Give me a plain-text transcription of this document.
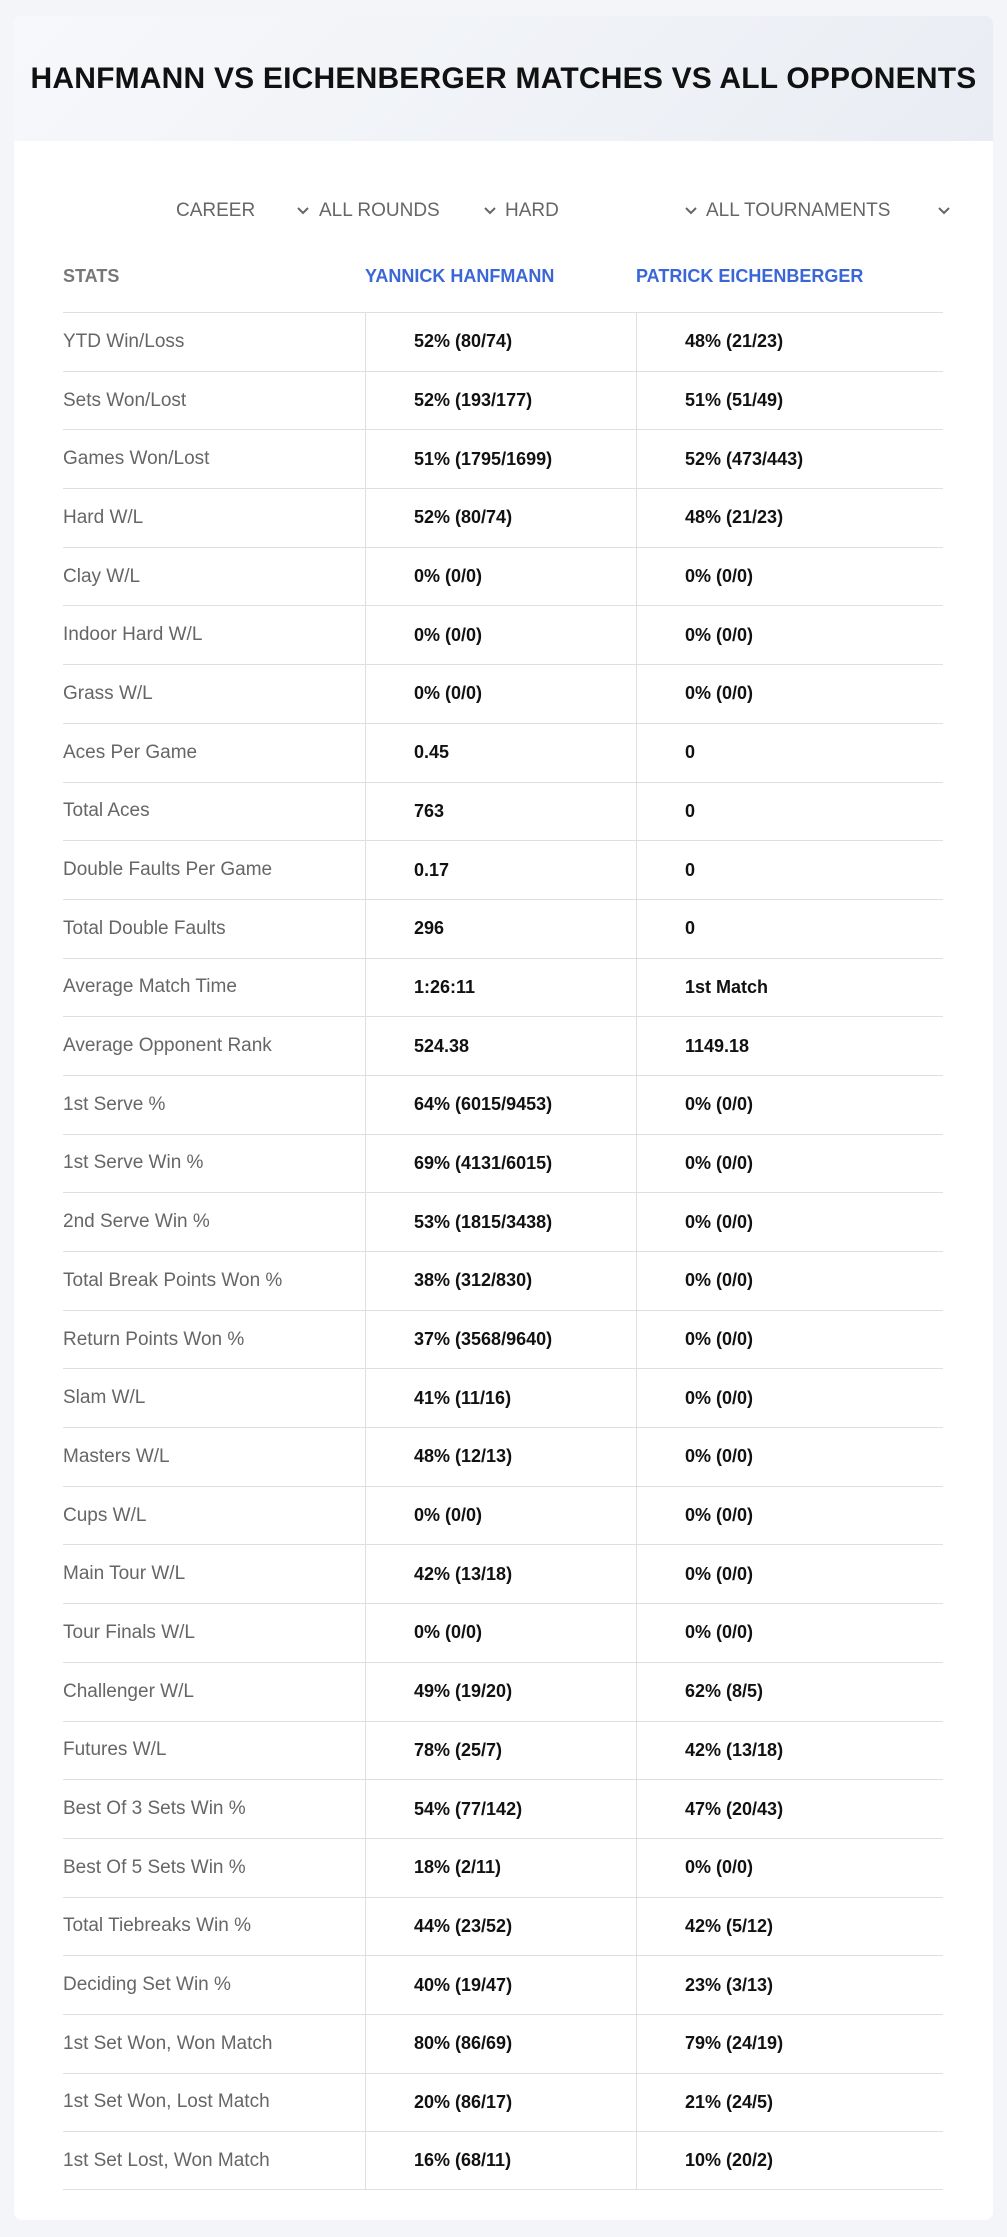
HANFMANN VS EICHENBERGER MATCHES VS ALL OPPONENTS
CAREER	ALL ROUNDS	HARD	ALL TOURNAMENTS
STATS	YANNICK HANFMANN	PATRICK EICHENBERGER
YTD Win/Loss	52% (80/74)	48% (21/23)
Sets Won/Lost	52% (193/177)	51% (51/49)
Games Won/Lost	51% (1795/1699)	52% (473/443)
Hard W/L	52% (80/74)	48% (21/23)
Clay W/L	0% (0/0)	0% (0/0)
Indoor Hard W/L	0% (0/0)	0% (0/0)
Grass W/L	0% (0/0)	0% (0/0)
Aces Per Game	0.45	0
Total Aces	763	0
Double Faults Per Game	0.17	0
Total Double Faults	296	0
Average Match Time	1:26:11	1st Match
Average Opponent Rank	524.38	1149.18
1st Serve %	64% (6015/9453)	0% (0/0)
1st Serve Win %	69% (4131/6015)	0% (0/0)
2nd Serve Win %	53% (1815/3438)	0% (0/0)
Total Break Points Won %	38% (312/830)	0% (0/0)
Return Points Won %	37% (3568/9640)	0% (0/0)
Slam W/L	41% (11/16)	0% (0/0)
Masters W/L	48% (12/13)	0% (0/0)
Cups W/L	0% (0/0)	0% (0/0)
Main Tour W/L	42% (13/18)	0% (0/0)
Tour Finals W/L	0% (0/0)	0% (0/0)
Challenger W/L	49% (19/20)	62% (8/5)
Futures W/L	78% (25/7)	42% (13/18)
Best Of 3 Sets Win %	54% (77/142)	47% (20/43)
Best Of 5 Sets Win %	18% (2/11)	0% (0/0)
Total Tiebreaks Win %	44% (23/52)	42% (5/12)
Deciding Set Win %	40% (19/47)	23% (3/13)
1st Set Won, Won Match	80% (86/69)	79% (24/19)
1st Set Won, Lost Match	20% (86/17)	21% (24/5)
1st Set Lost, Won Match	16% (68/11)	10% (20/2)
